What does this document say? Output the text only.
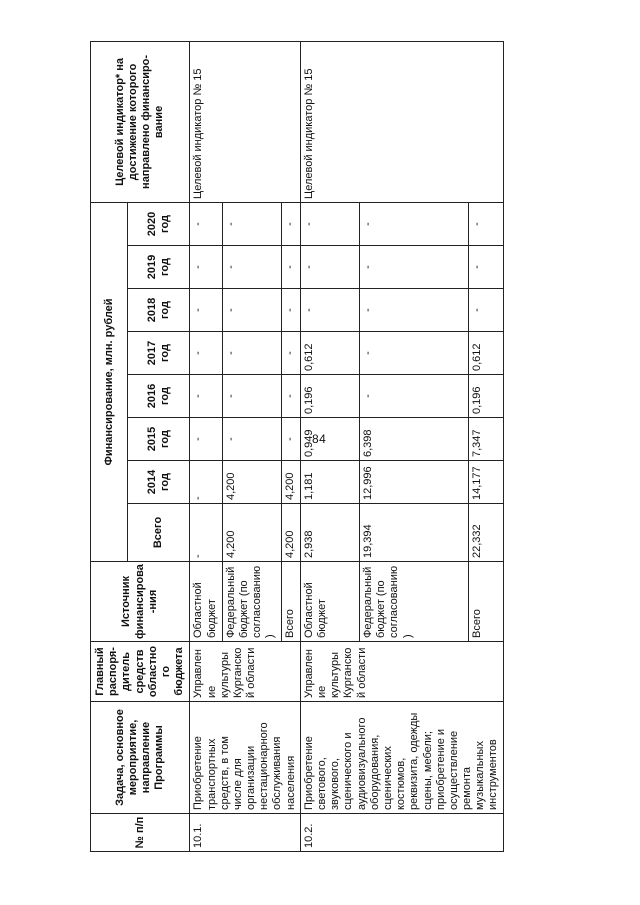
84
№ п/п	Задача, основное мероприятие, направление Программы	Главный распоря-дитель средств областного бюджета	Источник финансирова-ния	Финансирование, млн. рублей								Целевой индикатор* на достижение которого направлено финансиро-вание
				Всего	2014 год	2015 год	2016 год	2017 год	2018 год	2019 год	2020 год	
10.1.	Приобретение транспортных средств, в том числе для организации нестационарного обслуживания населения	Управление культуры Курганской области	Областной бюджет	-	-	-	-	-	-	-	-	Целевой индикатор № 15
			Федеральный бюджет (по согласованию)	4,200	4,200	-	-	-	-	-	-	
			Всего	4,200	4,200	-	-	-	-	-	-	
10.2.	Приобретение светового, звукового, сценического и аудиовизуального оборудования, сценических костюмов, реквизита, одежды сцены, мебели; приобретение и осуществление ремонта музыкальных инструментов	Управление культуры Курганской области	Областной бюджет	2,938	1,181	0,949	0,196	0,612	-	-	-	Целевой индикатор № 15
			Федеральный бюджет (по согласованию)	19,394	12,996	6,398	-	-	-	-	-	
			Всего	22,332	14,177	7,347	0,196	0,612	-	-	-	
